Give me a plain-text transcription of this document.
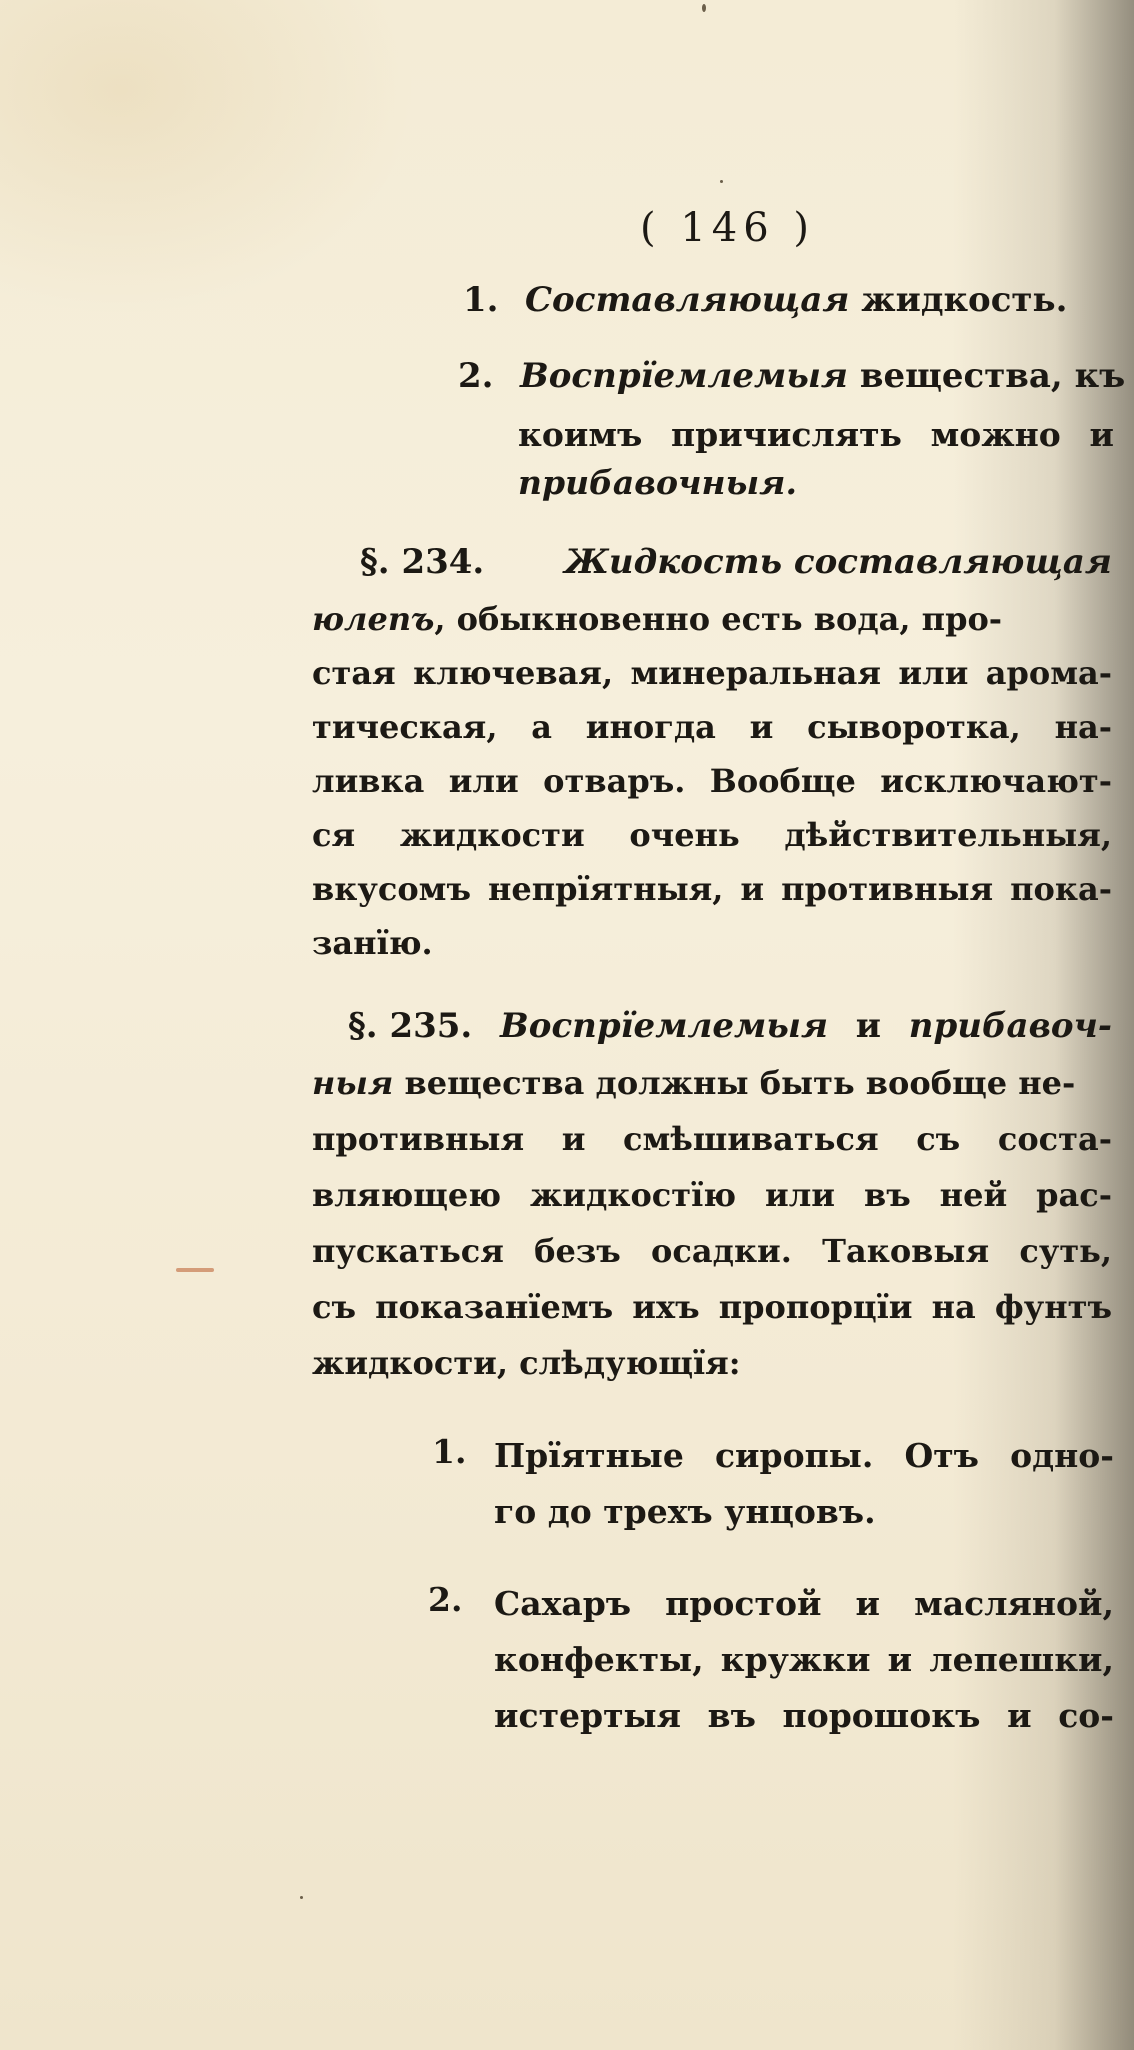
( 146 )
1. Составляющая жидкость.
2. Воспрïемлемыя вещества, къ
коимъ причислять можно и
прибавочныя.
§. 234. Жидкость составляющая
юлепъ, обыкновенно есть вода, про-
стая ключевая, минеральная или арома-
тическая, а иногда и сыворотка, на-
ливка или отваръ. Вообще исключают-
ся жидкости очень дѣйствительныя,
вкусомъ непрïятныя, и противныя пока-
занïю.
§. 235. Воспрïемлемыя и прибавоч-
ныя вещества должны быть вообще не-
противныя и смѣшиваться съ соста-
вляющею жидкостïю или въ ней рас-
пускаться безъ осадки. Таковыя суть,
съ показанïемъ ихъ пропорцïи на фунтъ
жидкости, слѣдующïя:
1. Прïятные сиропы. Отъ одно-
го до трехъ унцовъ.
2. Сахаръ простой и масляной,
конфекты, кружки и лепешки,
истертыя въ порошокъ и со-
